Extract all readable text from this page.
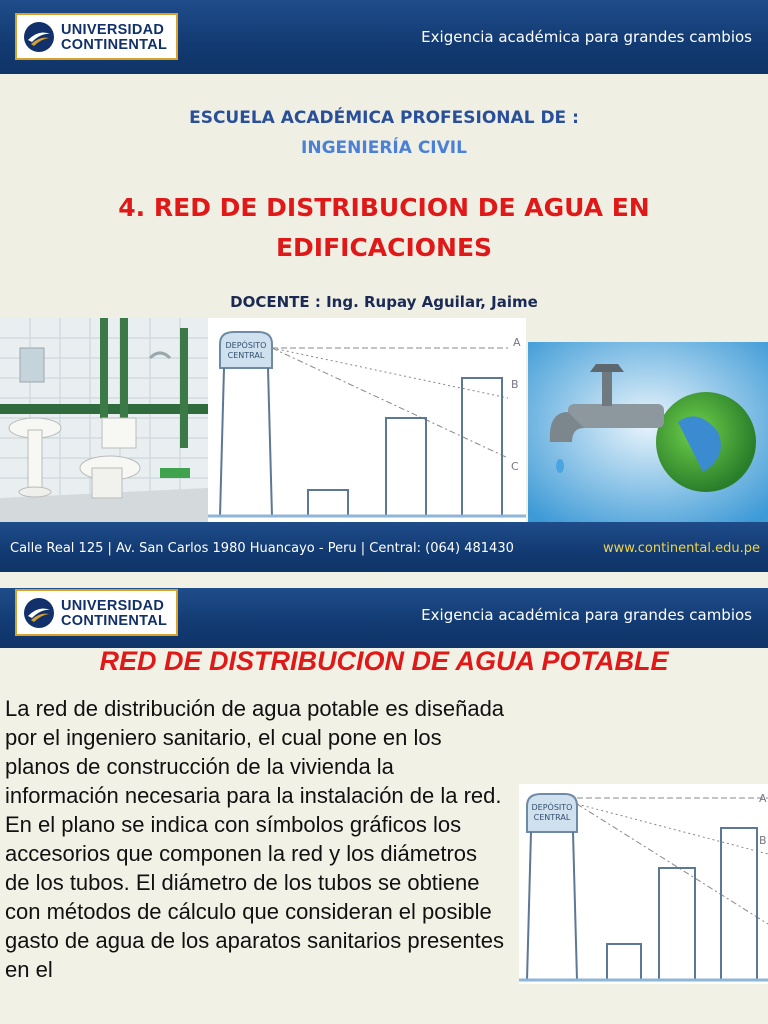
UNIVERSIDAD
CONTINENTAL	Exigencia académica para grandes cambios
ESCUELA ACADÉMICA PROFESIONAL DE :
INGENIERÍA CIVIL
4. RED DE DISTRIBUCION DE AGUA EN EDIFICACIONES
DOCENTE : Ing. Rupay Aguilar, Jaime
DEPÓSITO
CENTRAL
A
B
C
Calle Real 125 | Av. San Carlos 1980 Huancayo - Peru | Central: (064) 481430	www.continental.edu.pe
UNIVERSIDAD
CONTINENTAL	Exigencia académica para grandes cambios
RED DE DISTRIBUCION DE AGUA POTABLE

La red de distribución de agua potable es diseñada por el ingeniero sanitario, el cual pone en los planos de construcción de la vivienda la información necesaria para la instalación de la red.

En el plano se indica con símbolos gráficos los accesorios que componen la red y los diámetros de los tubos. El diámetro de los tubos se obtiene con métodos de cálculo que consideran el posible gasto de agua de los aparatos sanitarios presentes en el

DEPÓSITO
CENTRAL
A
B
